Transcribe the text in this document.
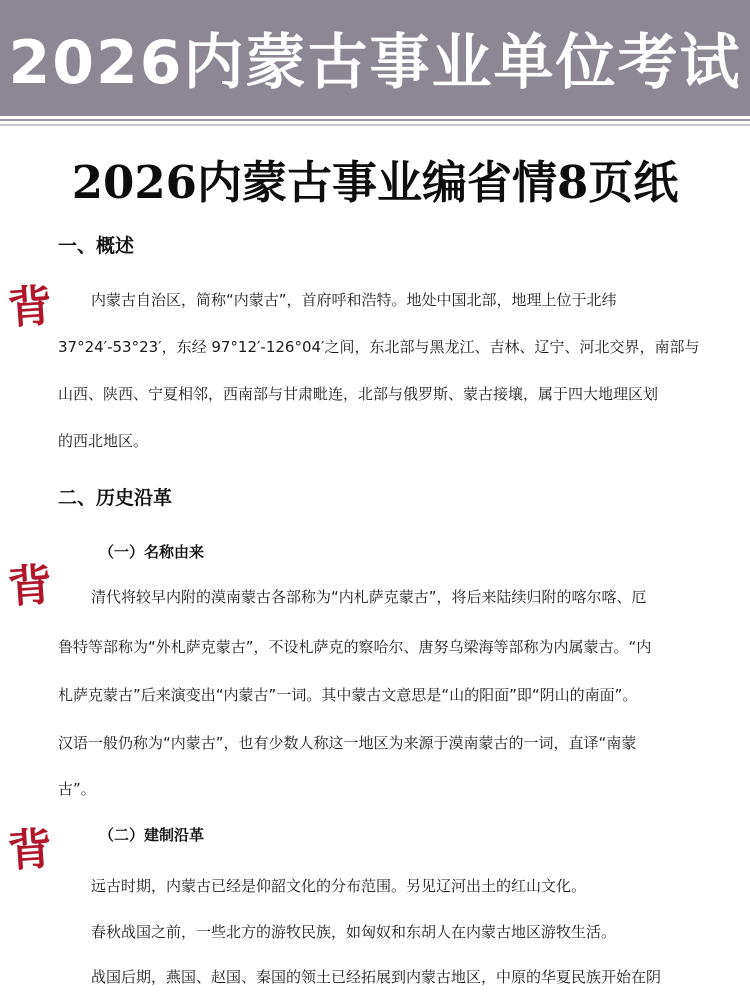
2026内蒙古事业单位考试
2026内蒙古事业编省情8页纸
一、概述
背 内蒙古自治区，简称“内蒙古”，首府呼和浩特。地处中国北部，地理上位于北纬
37°24′-53°23′，东经 97°12′-126°04′之间，东北部与黑龙江、吉林、辽宁、河北交界，南部与
山西、陕西、宁夏相邻，西南部与甘肃毗连，北部与俄罗斯、蒙古接壤，属于四大地理区划
的西北地区。
二、历史沿革
（一）名称由来
背 清代将较早内附的漠南蒙古各部称为“内札萨克蒙古”，将后来陆续归附的喀尔喀、厄
鲁特等部称为“外札萨克蒙古”，不设札萨克的察哈尔、唐努乌梁海等部称为内属蒙古。“内
札萨克蒙古”后来演变出“内蒙古”一词。其中蒙古文意思是“山的阳面”即“阴山的南面”。
汉语一般仍称为“内蒙古”，也有少数人称这一地区为来源于漠南蒙古的一词，直译“南蒙
古”。
（二）建制沿革
背
远古时期，内蒙古已经是仰韶文化的分布范围。另见辽河出土的红山文化。
春秋战国之前，一些北方的游牧民族，如匈奴和东胡人在内蒙古地区游牧生活。
战国后期，燕国、赵国、秦国的领土已经拓展到内蒙古地区，中原的华夏民族开始在阴
